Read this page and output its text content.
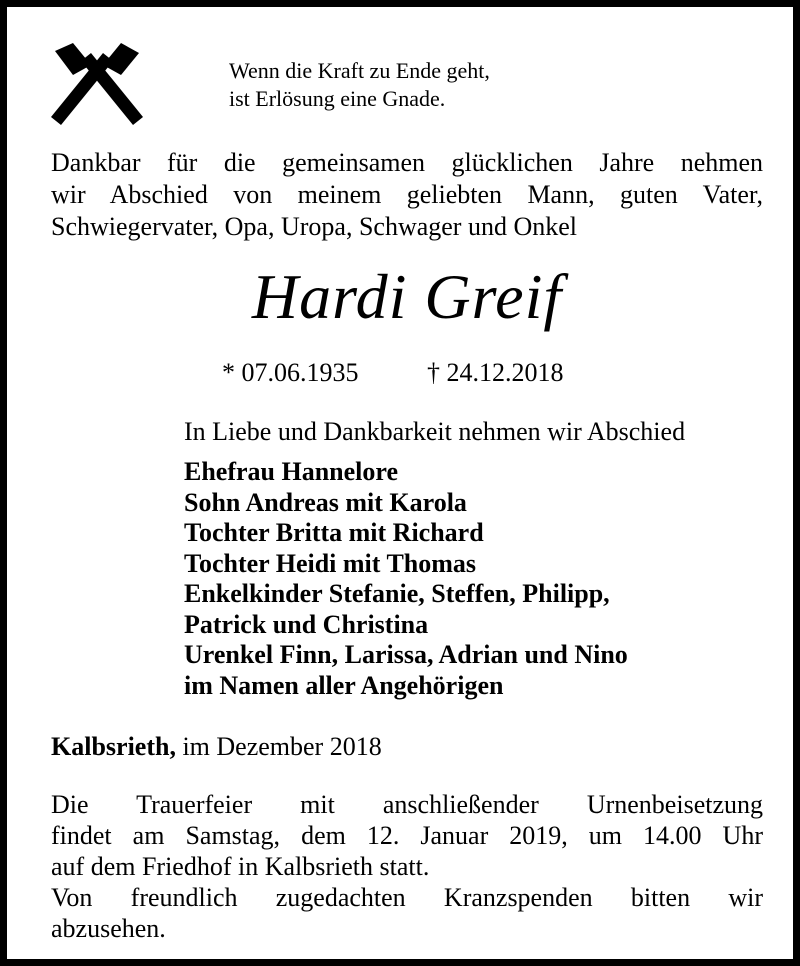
Wenn die Kraft zu Ende geht,
ist Erlösung eine Gnade.
Dankbar für die gemeinsamen glücklichen Jahre nehmen
wir Abschied von meinem geliebten Mann, guten Vater,
Schwiegervater, Opa, Uropa, Schwager und Onkel
Hardi Greif
* 07.06.1935	† 24.12.2018
In Liebe und Dankbarkeit nehmen wir Abschied
Ehefrau Hannelore
Sohn Andreas mit Karola
Tochter Britta mit Richard
Tochter Heidi mit Thomas
Enkelkinder Stefanie, Steffen, Philipp,
Patrick und Christina
Urenkel Finn, Larissa, Adrian und Nino
im Namen aller Angehörigen
Kalbsrieth, im Dezember 2018
Die Trauerfeier mit anschließender Urnenbeisetzung
findet am Samstag, dem 12. Januar 2019, um 14.00 Uhr
auf dem Friedhof in Kalbsrieth statt.
Von freundlich zugedachten Kranzspenden bitten wir
abzusehen.
